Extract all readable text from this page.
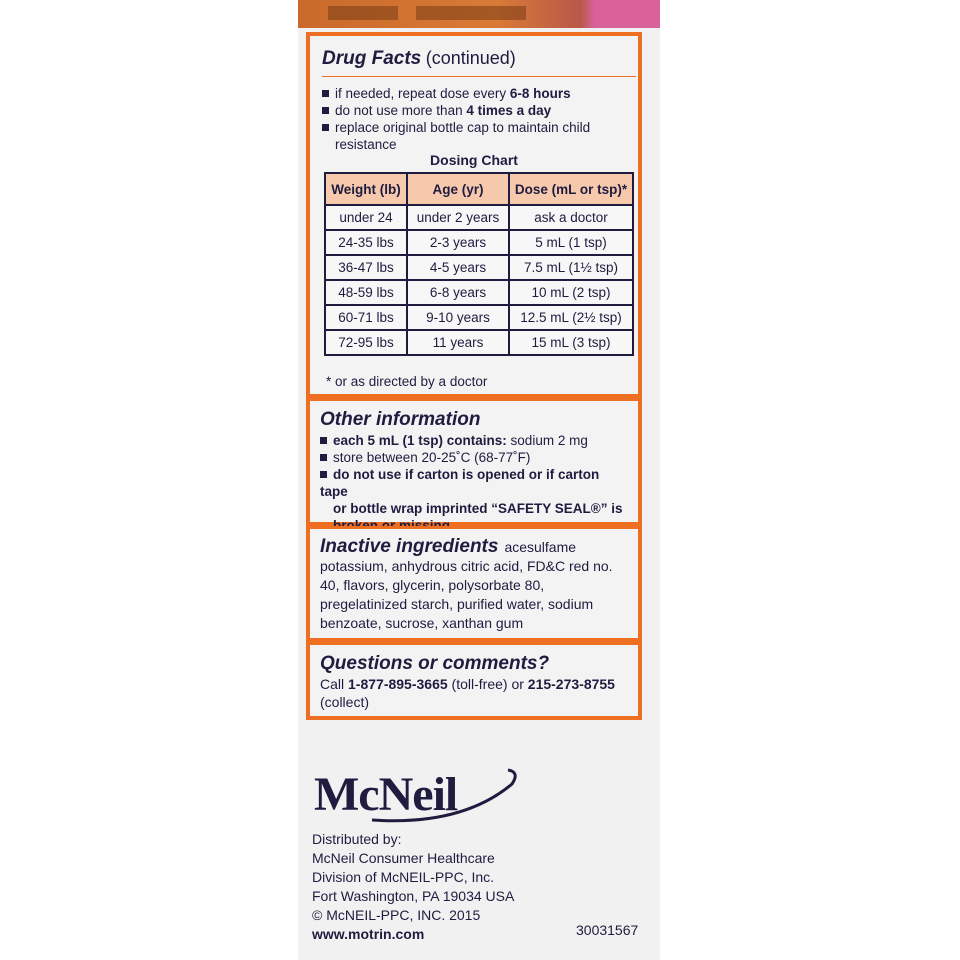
Drug Facts (continued)
if needed, repeat dose every 6-8 hours
do not use more than 4 times a day
replace original bottle cap to maintain child
resistance
Dosing Chart
Weight (lb)	Age (yr)	Dose (mL or tsp)*
under 24	under 2 years	ask a doctor
24-35 lbs	2-3 years	5 mL (1 tsp)
36-47 lbs	4-5 years	7.5 mL (1½ tsp)
48-59 lbs	6-8 years	10 mL (2 tsp)
60-71 lbs	9-10 years	12.5 mL (2½ tsp)
72-95 lbs	11 years	15 mL (3 tsp)
* or as directed by a doctor
Other information
each 5 mL (1 tsp) contains: sodium 2 mg
store between 20-25˚C (68-77˚F)
do not use if carton is opened or if carton tape
or bottle wrap imprinted “SAFETY SEAL®” is
Inactive ingredients acesulfame
potassium, anhydrous citric acid, FD&C red no.
40, flavors, glycerin, polysorbate 80,
pregelatinized starch, purified water, sodium
benzoate, sucrose, xanthan gum
Questions or comments?
Call 1-877-895-3665 (toll-free) or 215-273-8755
(collect)
McNeil
Distributed by:
McNeil Consumer Healthcare
Division of McNEIL-PPC, Inc.
Fort Washington, PA 19034 USA
© McNEIL-PPC, INC. 2015
www.motrin.com	30031567
